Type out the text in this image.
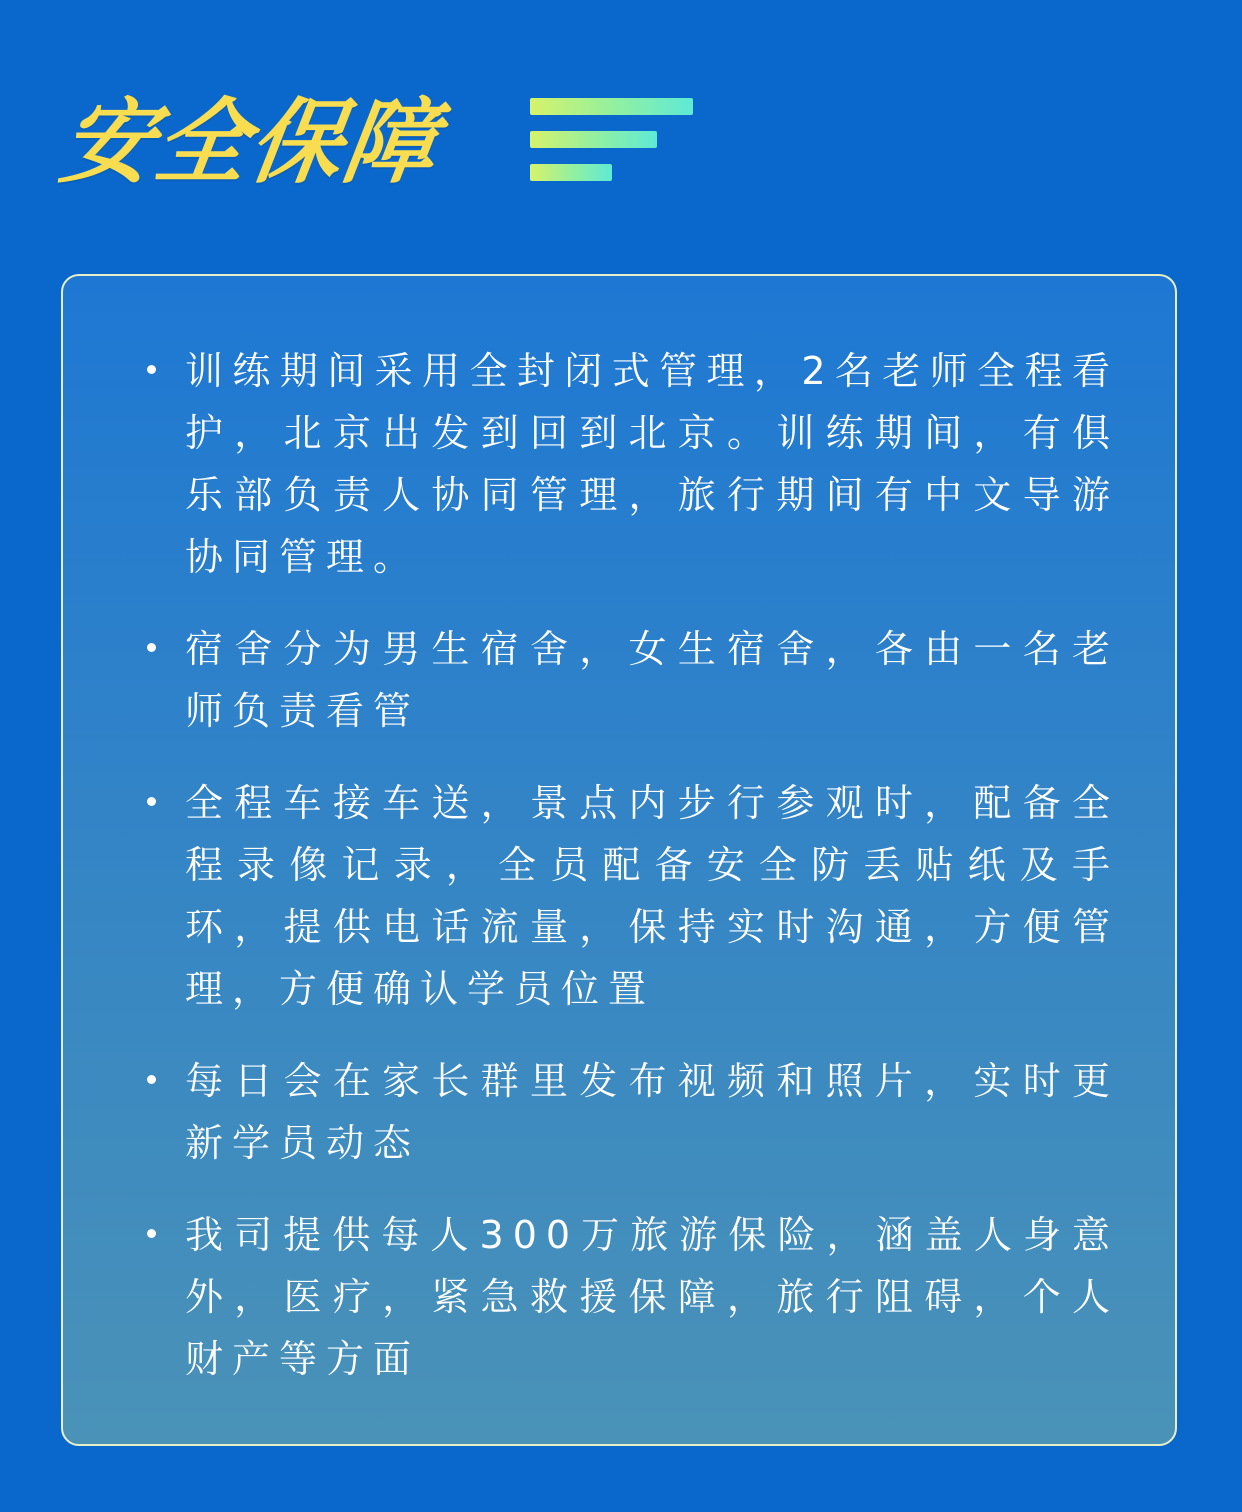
安全保障
训练期间采用全封闭式管理，2名老师全程看护，北京出发到回到北京。训练期间，有俱乐部负责人协同管理，旅行期间有中文导游协同管理。
宿舍分为男生宿舍，女生宿舍，各由一名老师负责看管
全程车接车送，景点内步行参观时，配备全程录像记录，全员配备安全防丢贴纸及手环，提供电话流量，保持实时沟通，方便管理，方便确认学员位置
每日会在家长群里发布视频和照片，实时更新学员动态
我司提供每人300万旅游保险，涵盖人身意外，医疗，紧急救援保障，旅行阻碍，个人财产等方面
